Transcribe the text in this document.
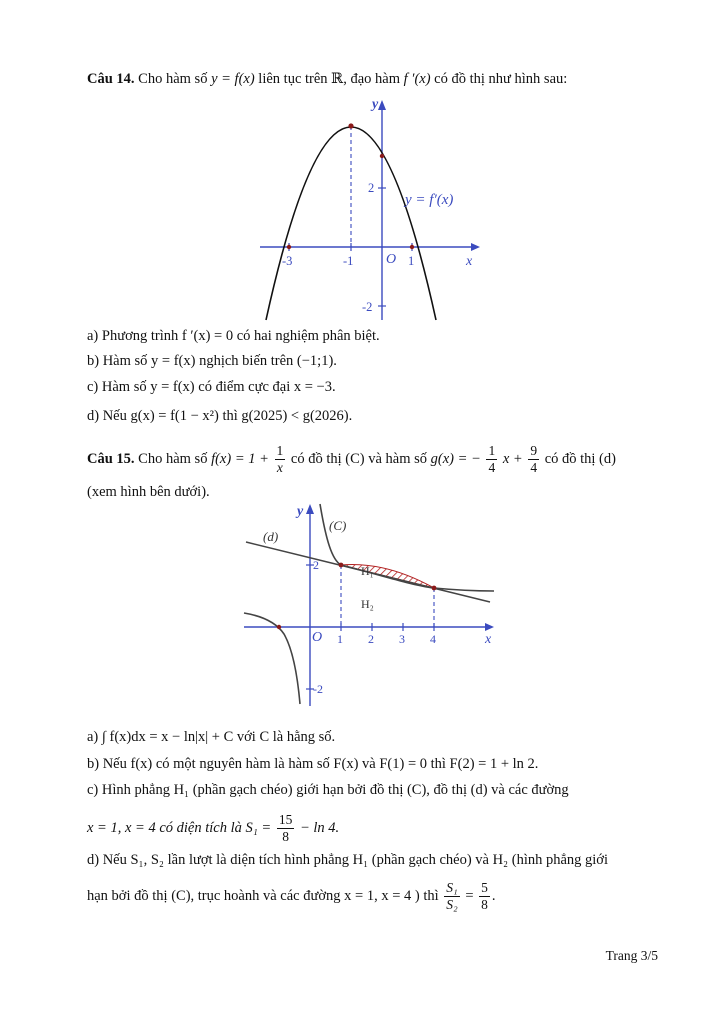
Câu 14. Cho hàm số y = f(x) liên tục trên ℝ, đạo hàm f ′(x) có đồ thị như hình sau:
y
x
O
-3	-1	1
2
-2
y = f′(x)
a) Phương trình f ′(x) = 0 có hai nghiệm phân biệt.
b) Hàm số y = f(x) nghịch biến trên (−1;1).
c) Hàm số y = f(x) có điểm cực đại x = −3.
d) Nếu g(x) = f(1 − x²) thì g(2025) < g(2026).
Câu 15. Cho hàm số $f(x) = 1 + \frac{1}{x}$ có đồ thị (C) và hàm số g(x) = − $\frac{1}{4}$ $x + \frac{9}{4}$ có đồ thị (d)
(xem hình bên dưới).
y
x
O 1 2 3 4
2
-2
(d)
(C)
H₁
H₂
a) ∫ f(x)dx = x − ln|x| + C với C là hằng số.
b) Nếu f(x) có một nguyên hàm là hàm số F(x) và F(1) = 0 thì F(2) = 1 + ln 2.
c) Hình phẳng H₁ (phần gạch chéo) giới hạn bởi đồ thị (C), đồ thị (d) và các đường
x = 1, x = 4 có diện tích là $S_1 = \frac{15}{8} - \ln 4$.
d) Nếu S₁, S₂ lần lượt là diện tích hình phẳng H₁ (phần gạch chéo) và H₂ (hình phẳng giới
hạn bởi đồ thị (C), trục hoành và các đường x = 1, x = 4 ) thì $\frac{\text{S₁}}{\text{S₂}} = \frac{5}{8}$ .
Trang 3/5
